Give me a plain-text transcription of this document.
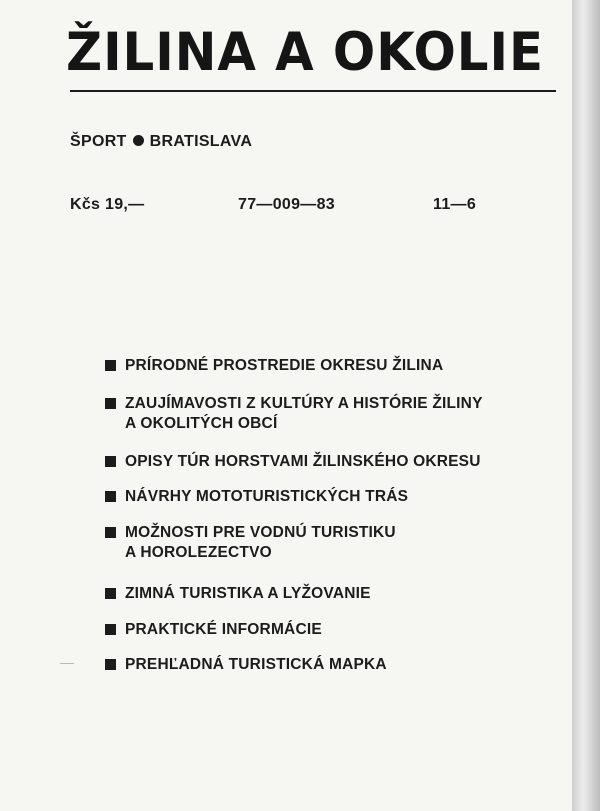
ŽILINA A OKOLIE
ŠPORT BRATISLAVA
Kčs 19,—	77—009—83	11—6
PRÍRODNÉ PROSTREDIE OKRESU ŽILINA
ZAUJÍMAVOSTI Z KULTÚRY A HISTÓRIE ŽILINY
A OKOLITÝCH OBCÍ
OPISY TÚR HORSTVAMI ŽILINSKÉHO OKRESU
NÁVRHY MOTOTURISTICKÝCH TRÁS
MOŽNOSTI PRE VODNÚ TURISTIKU
A HOROLEZECTVO
ZIMNÁ TURISTIKA A LYŽOVANIE
PRAKTICKÉ INFORMÁCIE
PREHĽADNÁ TURISTICKÁ MAPKA
